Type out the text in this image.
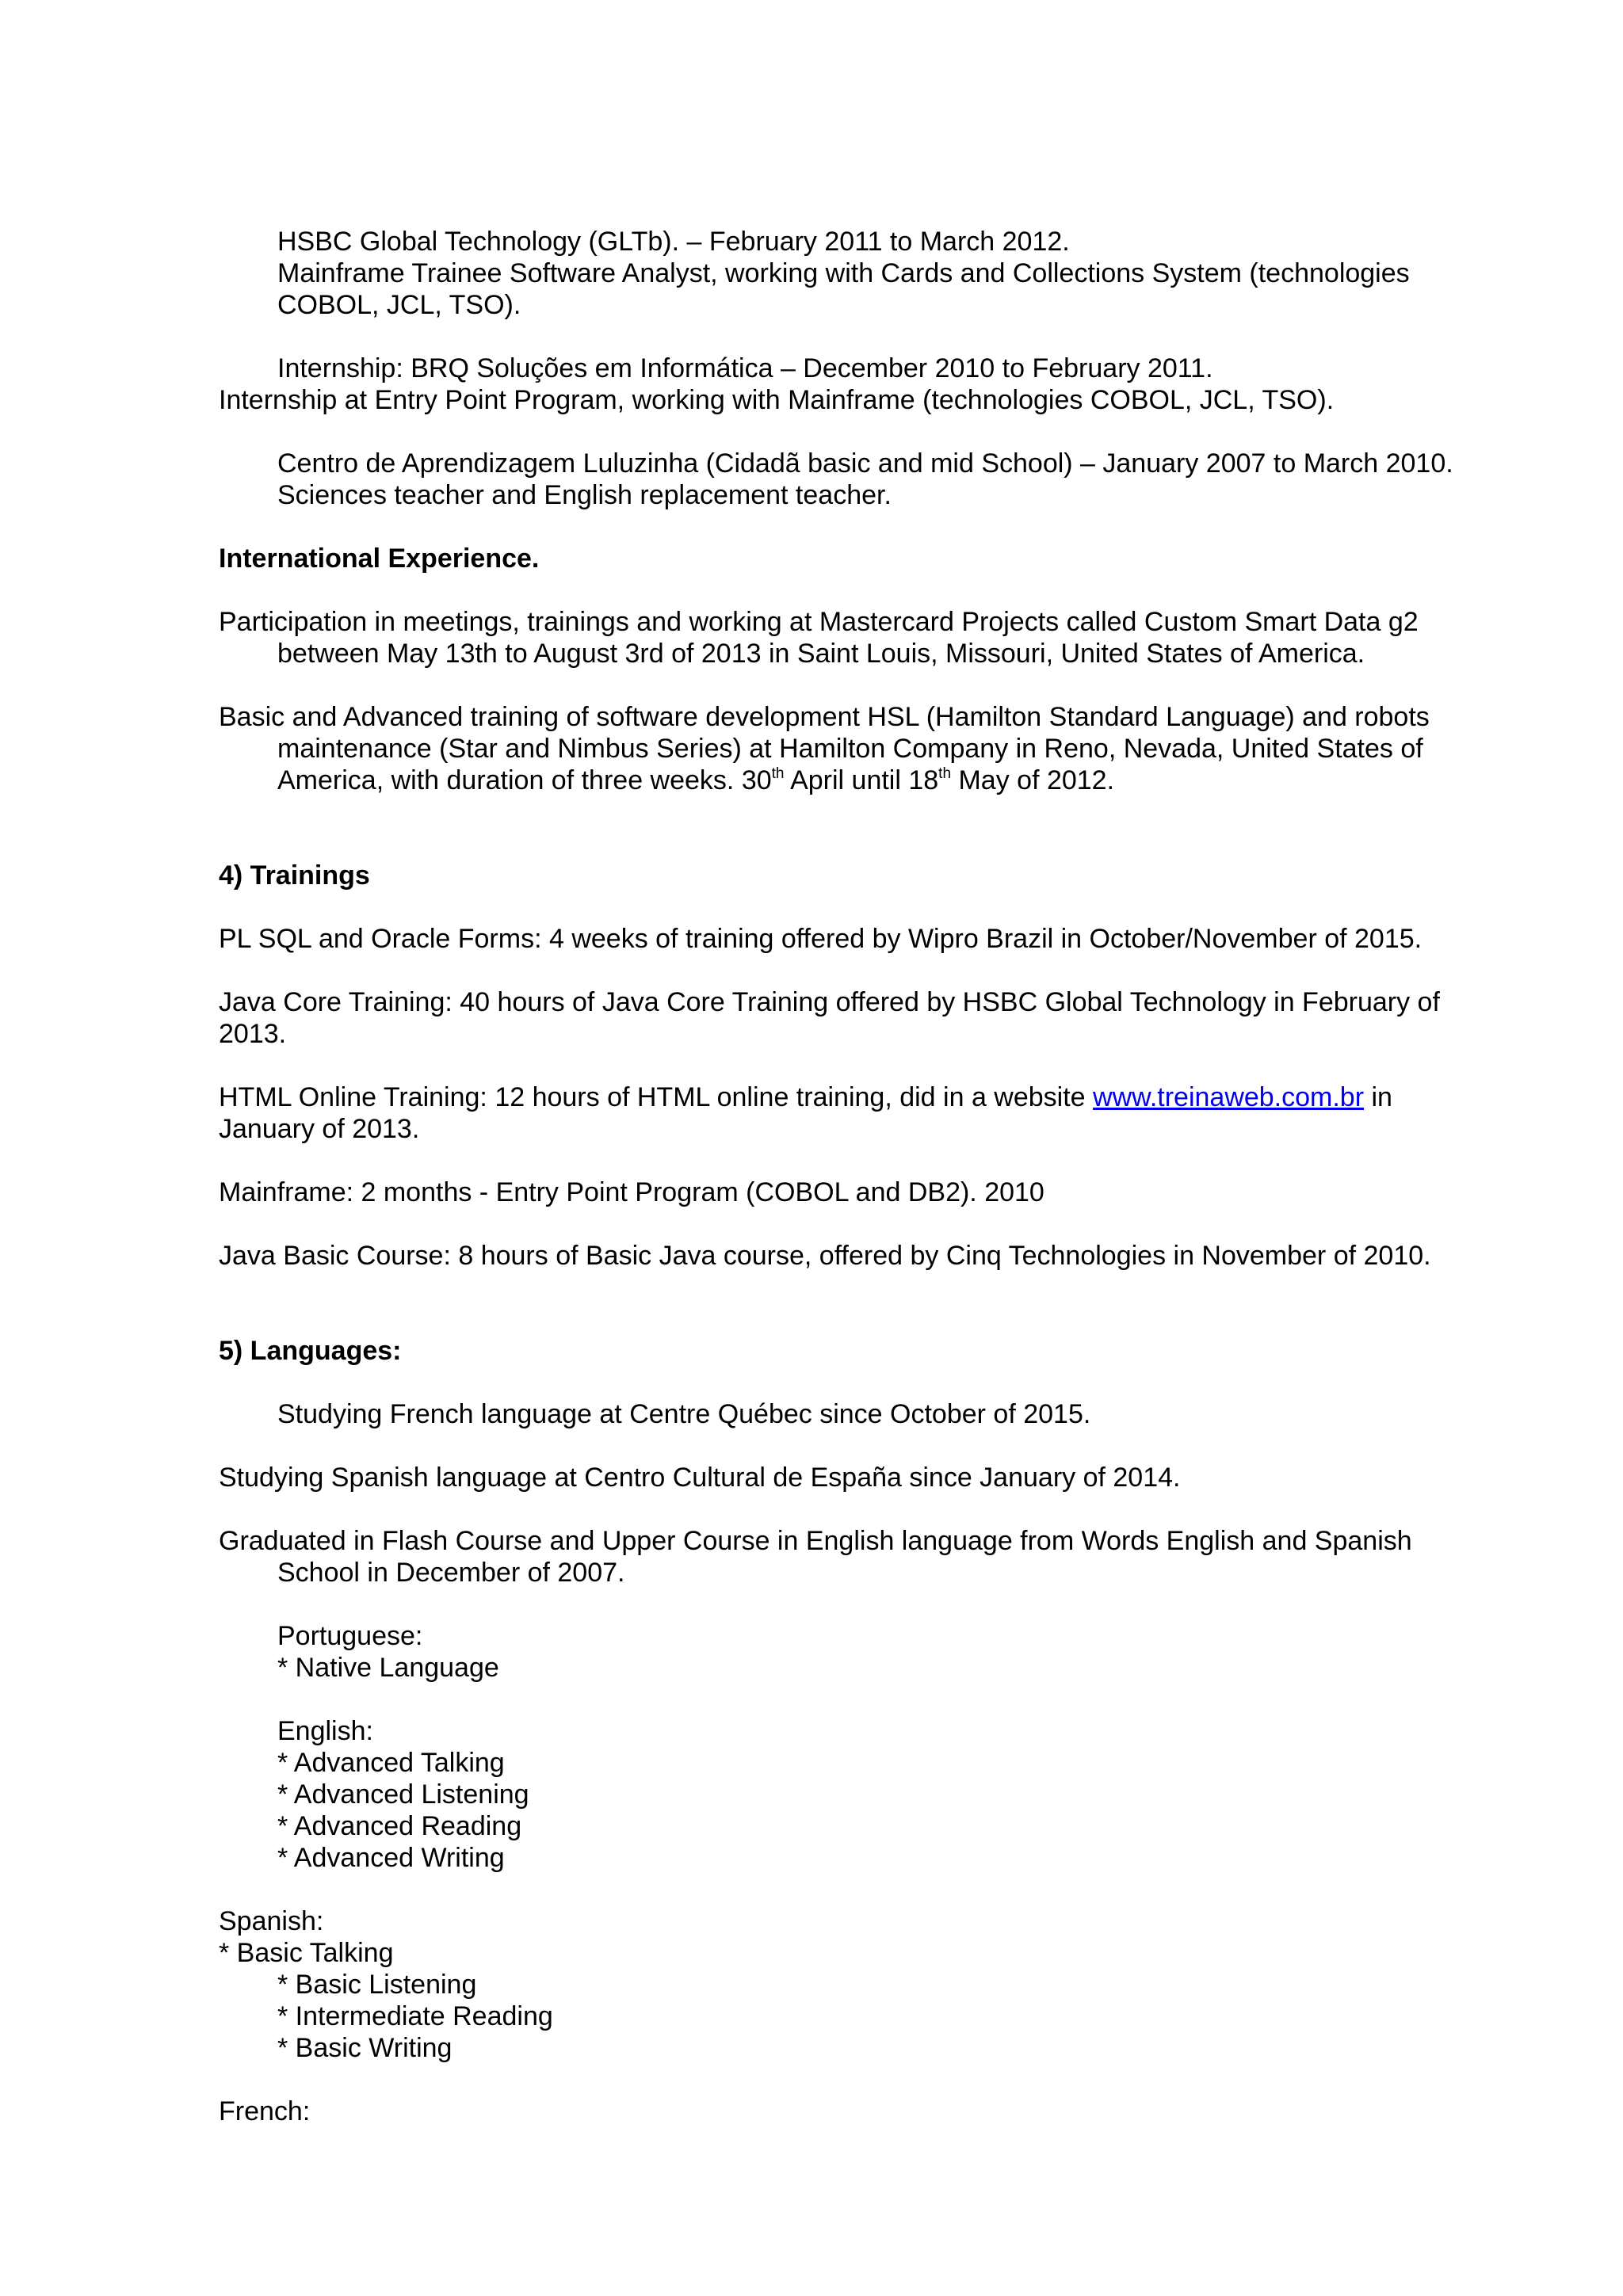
HSBC Global Technology (GLTb). – February 2011 to March 2012.

Mainframe Trainee Software Analyst, working with Cards and Collections System (technologies

COBOL, JCL, TSO).

Internship: BRQ Soluções em Informática – December 2010 to February 2011.

Internship at Entry Point Program, working with Mainframe (technologies COBOL, JCL, TSO).

Centro de Aprendizagem Luluzinha (Cidadã basic and mid School) – January 2007 to March 2010.

Sciences teacher and English replacement teacher.

International Experience.

Participation in meetings, trainings and working at Mastercard Projects called Custom Smart Data g2

between May 13th to August 3rd of 2013 in Saint Louis, Missouri, United States of America.

Basic and Advanced training of software development HSL (Hamilton Standard Language) and robots

maintenance (Star and Nimbus Series) at Hamilton Company in Reno, Nevada, United States of

America, with duration of three weeks. 30th April until 18th May of 2012.

4) Trainings

PL SQL and Oracle Forms: 4 weeks of training offered by Wipro Brazil in October/November of 2015.

Java Core Training: 40 hours of Java Core Training offered by HSBC Global Technology in February of

2013.

HTML Online Training: 12 hours of HTML online training, did in a website www.treinaweb.com.br in

January of 2013.

Mainframe: 2 months - Entry Point Program (COBOL and DB2). 2010

Java Basic Course: 8 hours of Basic Java course, offered by Cinq Technologies in November of 2010.

5) Languages:

Studying French language at Centre Québec since October of 2015.

Studying Spanish language at Centro Cultural de España since January of 2014.

Graduated in Flash Course and Upper Course in English language from Words English and Spanish

School in December of 2007.

Portuguese:

* Native Language

English:

* Advanced Talking

* Advanced Listening

* Advanced Reading

* Advanced Writing

Spanish:

* Basic Talking

* Basic Listening

* Intermediate Reading

* Basic Writing

French:
